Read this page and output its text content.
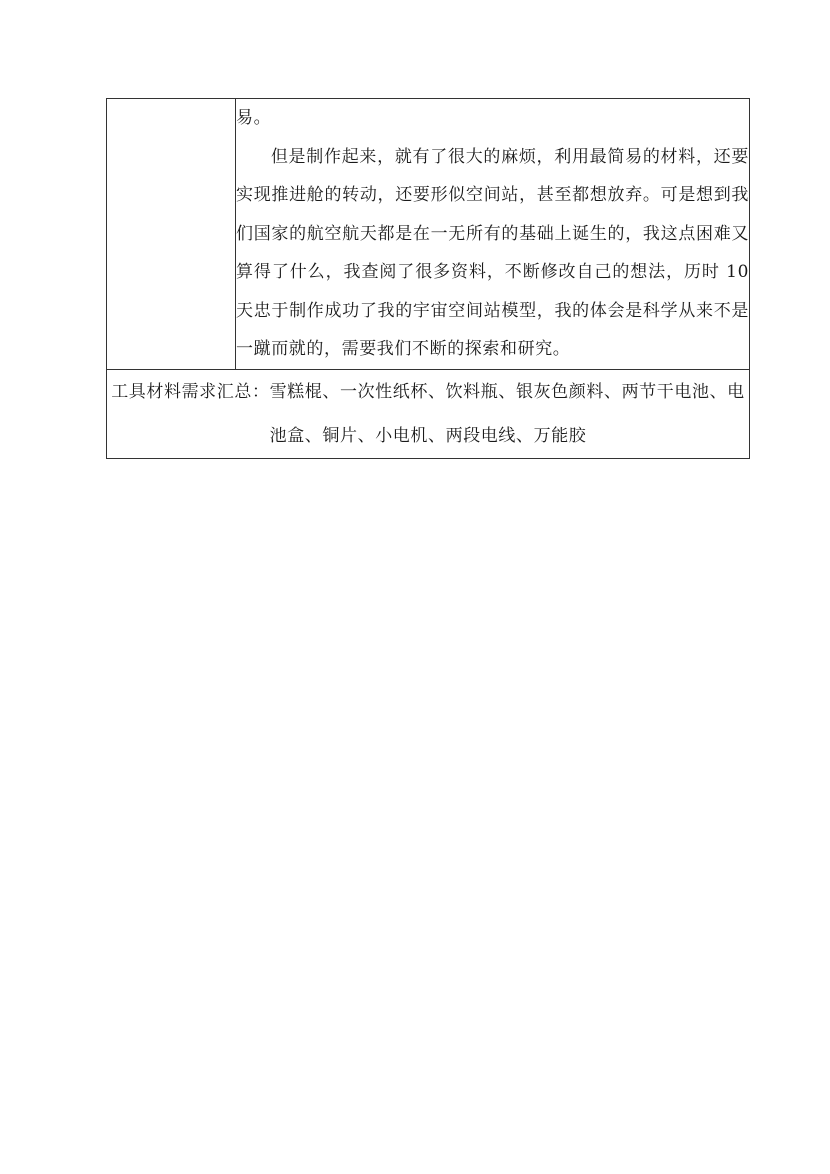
易。

但是制作起来，就有了很大的麻烦，利用最简易的材料，还要实现推进舱的转动，还要形似空间站，甚至都想放弃。可是想到我们国家的航空航天都是在一无所有的基础上诞生的，我这点困难又算得了什么，我查阅了很多资料，不断修改自己的想法，历时 10 天忠于制作成功了我的宇宙空间站模型，我的体会是科学从来不是一蹴而就的，需要我们不断的探索和研究。

工具材料需求汇总：雪糕棍、一次性纸杯、饮料瓶、银灰色颜料、两节干电池、电池盒、铜片、小电机、两段电线、万能胶
